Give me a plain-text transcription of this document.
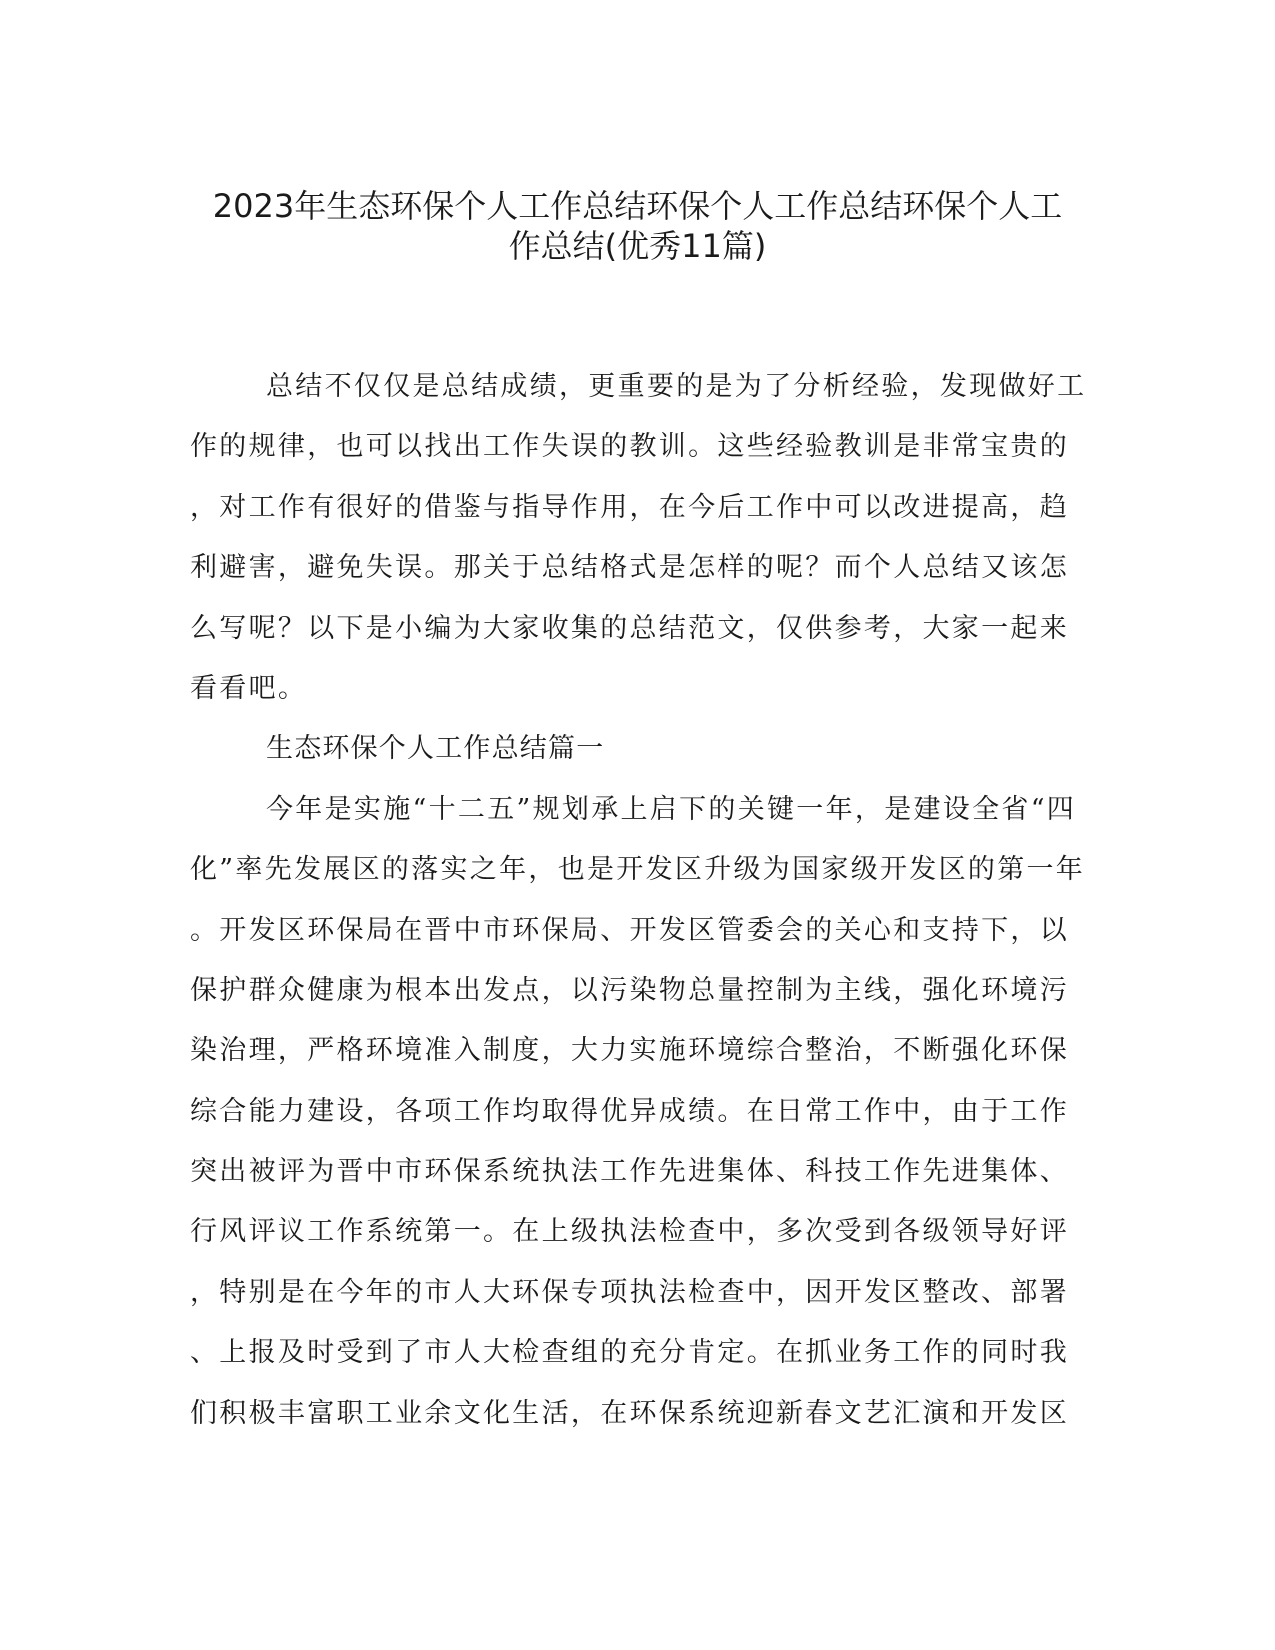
2023年生态环保个人工作总结环保个人工作总结环保个人工
作总结(优秀11篇)
总结不仅仅是总结成绩，更重要的是为了分析经验，发现做好工
作的规律，也可以找出工作失误的教训。这些经验教训是非常宝贵的
，对工作有很好的借鉴与指导作用，在今后工作中可以改进提高，趋
利避害，避免失误。那关于总结格式是怎样的呢？而个人总结又该怎
么写呢？以下是小编为大家收集的总结范文，仅供参考，大家一起来
看看吧。
生态环保个人工作总结篇一
今年是实施“十二五”规划承上启下的关键一年，是建设全省“四
化”率先发展区的落实之年，也是开发区升级为国家级开发区的第一年
。开发区环保局在晋中市环保局、开发区管委会的关心和支持下，以
保护群众健康为根本出发点，以污染物总量控制为主线，强化环境污
染治理，严格环境准入制度，大力实施环境综合整治，不断强化环保
综合能力建设，各项工作均取得优异成绩。在日常工作中，由于工作
突出被评为晋中市环保系统执法工作先进集体、科技工作先进集体、
行风评议工作系统第一。在上级执法检查中，多次受到各级领导好评
，特别是在今年的市人大环保专项执法检查中，因开发区整改、部署
、上报及时受到了市人大检查组的充分肯定。在抓业务工作的同时我
们积极丰富职工业余文化生活，在环保系统迎新春文艺汇演和开发区
